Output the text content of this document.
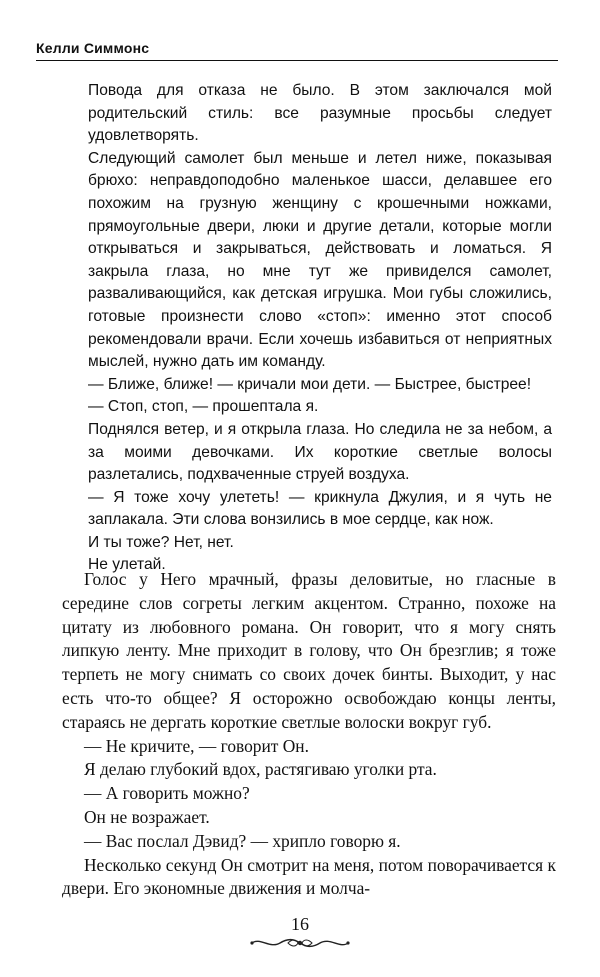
Келли Симмонс

Повода для отказа не было. В этом заключался мой родительский стиль: все разумные просьбы следует удовлетворять.

Следующий самолет был меньше и летел ниже, показывая брюхо: неправдоподобно маленькое шасси, делавшее его похожим на грузную женщину с крошечными ножками, прямоугольные двери, люки и другие детали, которые могли открываться и закрываться, действовать и ломаться. Я закрыла глаза, но мне тут же привиделся самолет, разваливающийся, как детская игрушка. Мои губы сложились, готовые произнести слово «стоп»: именно этот способ рекомендовали врачи. Если хочешь избавиться от неприятных мыслей, нужно дать им команду.

— Ближе, ближе! — кричали мои дети. — Быстрее, быстрее!

— Стоп, стоп, — прошептала я.

Поднялся ветер, и я открыла глаза. Но следила не за небом, а за моими девочками. Их короткие светлые волосы разлетались, подхваченные струей воздуха.

— Я тоже хочу улететь! — крикнула Джулия, и я чуть не заплакала. Эти слова вонзились в мое сердце, как нож.

И ты тоже? Нет, нет.

Не улетай.

Голос у Него мрачный, фразы деловитые, но гласные в середине слов согреты легким акцентом. Странно, похоже на цитату из любовного романа. Он говорит, что я могу снять липкую ленту. Мне приходит в голову, что Он брезглив; я тоже терпеть не могу снимать со своих дочек бинты. Выходит, у нас есть что-то общее? Я осторожно освобождаю концы ленты, стараясь не дергать короткие светлые волоски вокруг губ.

— Не кричите, — говорит Он.

Я делаю глубокий вдох, растягиваю уголки рта.

— А говорить можно?

Он не возражает.

— Вас послал Дэвид? — хрипло говорю я.

Несколько секунд Он смотрит на меня, потом поворачивается к двери. Его экономные движения и молча-

16
